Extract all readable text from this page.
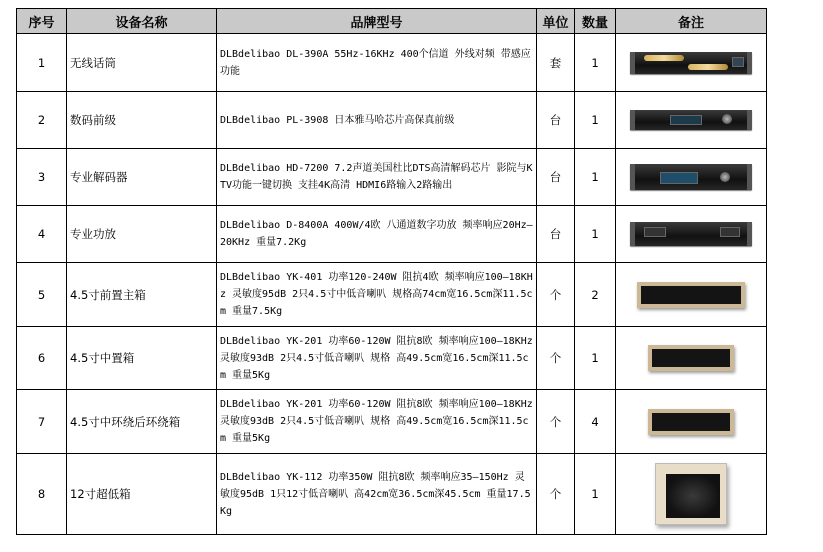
序号	设备名称	品牌型号	单位	数量	备注
1	无线话筒	DLBdelibao DL-390A 55Hz-16KHz 400个信道 外线对频 带感应功能	套	1	

2	数码前级	DLBdelibao PL-3908 日本雅马哈芯片高保真前级	台	1	

3	专业解码器	DLBdelibao HD-7200 7.2声道美国杜比DTS高清解码芯片 影院与KTV功能一键切换 支挂4K高清 HDMI6路输入2路输出	台	1	

4	专业功放	DLBdelibao D-8400A 400W/4欧 八通道数字功放 频率响应20Hz—20KHz 重量7.2Kg	台	1	

5	4.5寸前置主箱	DLBdelibao YK-401 功率120-240W 阻抗4欧 频率响应100—18KHz 灵敏度95dB 2只4.5寸中低音喇叭 规格高74cm宽16.5cm深11.5cm 重量7.5Kg	个	2	
6	4.5寸中置箱	DLBdelibao YK-201 功率60-120W 阻抗8欧 频率响应100—18KHz 灵敏度93dB 2只4.5寸低音喇叭 规格 高49.5cm宽16.5cm深11.5cm 重量5Kg	个	1	
7	4.5寸中环绕后环绕箱	DLBdelibao YK-201 功率60-120W 阻抗8欧 频率响应100—18KHz 灵敏度93dB 2只4.5寸低音喇叭 规格 高49.5cm宽16.5cm深11.5cm 重量5Kg	个	4	
8	12寸超低箱	DLBdelibao YK-112 功率350W 阻抗8欧 频率响应35—150Hz 灵敏度95dB 1只12寸低音喇叭 高42cm宽36.5cm深45.5cm 重量17.5Kg	个	1	
